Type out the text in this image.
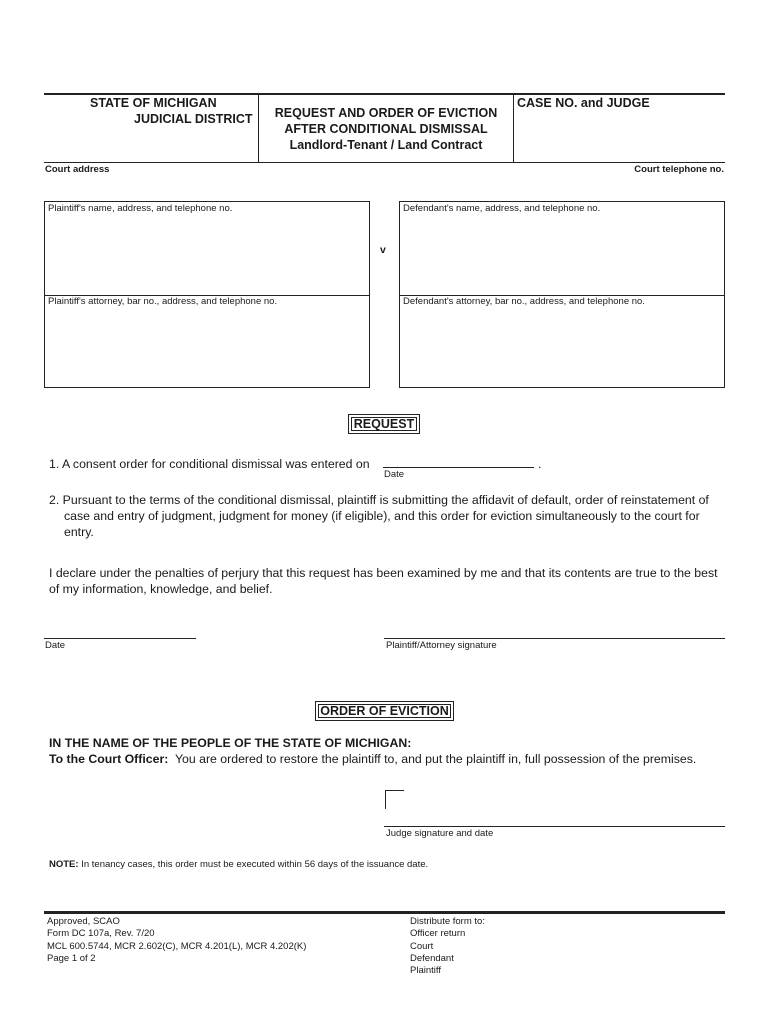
STATE OF MICHIGAN
JUDICIAL DISTRICT	REQUEST AND ORDER OF EVICTION
AFTER CONDITIONAL DISMISSAL
Landlord-Tenant / Land Contract
CASE NO. and JUDGE
Court address	Court telephone no.
Plaintiff's name, address, and telephone no.
Plaintiff's attorney, bar no., address, and telephone no.
v
Defendant's name, address, and telephone no.
Defendant's attorney, bar no., address, and telephone no.
REQUEST
1. A consent order for conditional dismissal was entered on	.
Date
2. Pursuant to the terms of the conditional dismissal, plaintiff is submitting the affidavit of default, order of reinstatement of
case and entry of judgment, judgment for money (if eligible), and this order for eviction simultaneously to the court for
entry.
I declare under the penalties of perjury that this request has been examined by me and that its contents are true to the best
of my information, knowledge, and belief.
Date	Plaintiff/Attorney signature
ORDER OF EVICTION
IN THE NAME OF THE PEOPLE OF THE STATE OF MICHIGAN:
To the Court Officer: You are ordered to restore the plaintiff to, and put the plaintiff in, full possession of the premises.
Judge signature and date
NOTE: In tenancy cases, this order must be executed within 56 days of the issuance date.
Approved, SCAO
Form DC 107a, Rev. 7/20
MCL 600.5744, MCR 2.602(C), MCR 4.201(L), MCR 4.202(K)
Page 1 of 2
Distribute form to:
Officer return
Court
Defendant
Plaintiff
